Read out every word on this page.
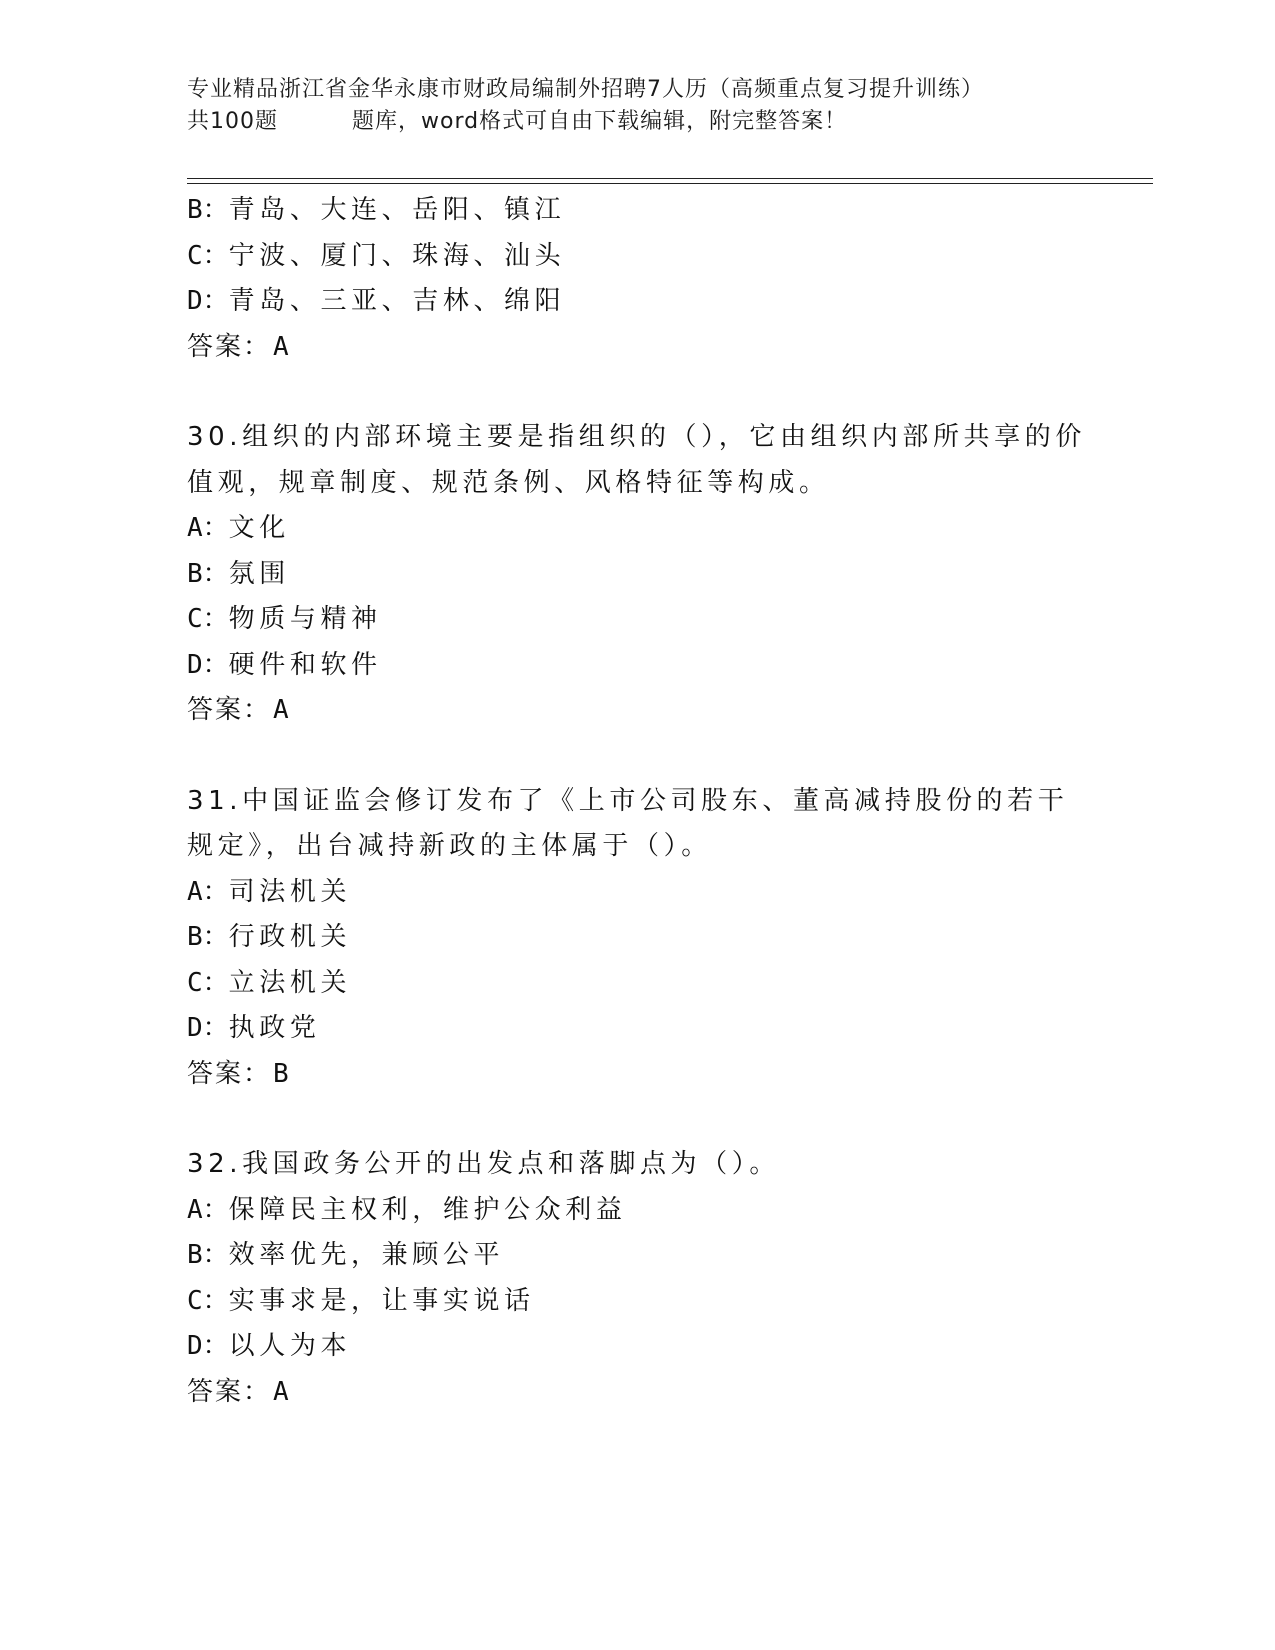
专业精品浙江省金华永康市财政局编制外招聘7人历（高频重点复习提升训练）
共100题	题库，word格式可自由下载编辑，附完整答案！
B：青岛、大连、岳阳、镇江
C：宁波、厦门、珠海、汕头
D：青岛、三亚、吉林、绵阳
答案：A
30.组织的内部环境主要是指组织的（），它由组织内部所共享的价值观，规章制度、规范条例、风格特征等构成。
A：文化
B：氛围
C：物质与精神
D：硬件和软件
答案：A
31.中国证监会修订发布了《上市公司股东、董高减持股份的若干规定》，出台减持新政的主体属于（）。
A：司法机关
B：行政机关
C：立法机关
D：执政党
答案：B
32.我国政务公开的出发点和落脚点为（）。
A：保障民主权利，维护公众利益
B：效率优先，兼顾公平
C：实事求是，让事实说话
D：以人为本
答案：A
